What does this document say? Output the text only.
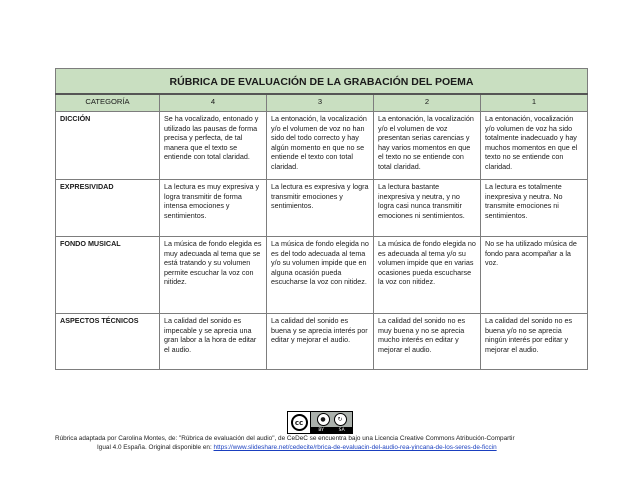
RÚBRICA DE EVALUACIÓN DE LA GRABACIÓN DEL POEMA				
CATEGORÍA	4	3	2	1
DICCIÓN	Se ha vocalizado, entonado y utilizado las pausas de forma precisa y perfecta, de tal manera que el texto se entiende con total claridad.	La entonación, la vocalización y/o el volumen de voz no han sido del todo correcto y hay algún momento en que no se entiende el texto con total claridad.	La entonación, la vocalización y/o el volumen de voz presentan serias carencias y hay varios momentos en que el texto no se entiende con total claridad.	La entonación, vocalización y/o volumen de voz ha sido totalmente inadecuado y hay muchos momentos en que el texto no se entiende con claridad.
EXPRESIVIDAD	La lectura es muy expresiva y logra transmitir de forma intensa emociones y sentimientos.	La lectura es expresiva y logra transmitir emociones y sentimientos.	La lectura bastante inexpresiva y neutra, y no logra casi nunca transmitir emociones ni sentimientos.	La lectura es totalmente inexpresiva y neutra. No transmite emociones ni sentimientos.
FONDO MUSICAL	La música de fondo elegida es muy adecuada al tema que se está tratando y su volumen permite escuchar la voz con nitidez.	La música de fondo elegida no es del todo adecuada al tema y/o su volumen impide que en alguna ocasión pueda escucharse la voz con nitidez.	La música de fondo elegida no es adecuada al tema y/o su volumen impide que en varias ocasiones pueda escucharse la voz con nitidez.	No se ha utilizado música de fondo para acompañar a la voz.
ASPECTOS TÉCNICOS	La calidad del sonido es impecable y se aprecia una gran labor a la hora de editar el audio.	La calidad del sonido es buena y se aprecia interés por editar y mejorar el audio.	La calidad del sonido no es muy buena y no se aprecia mucho interés en editar y mejorar el audio.	La calidad del sonido no es buena y/o no se aprecia ningún interés por editar y mejorar el audio.
cc	●	↻
BY	SA
Rúbrica adaptada por Carolina Montes, de: "Rúbrica de evaluación del audio", de CeDeC se encuentra bajo una Licencia Creative Commons Atribución-Compartir
Igual 4.0 España. Original disponible en: https://www.slideshare.net/cedecite/rbrica-de-evaluacin-del-audio-rea-yincana-de-los-seres-de-ficcin
